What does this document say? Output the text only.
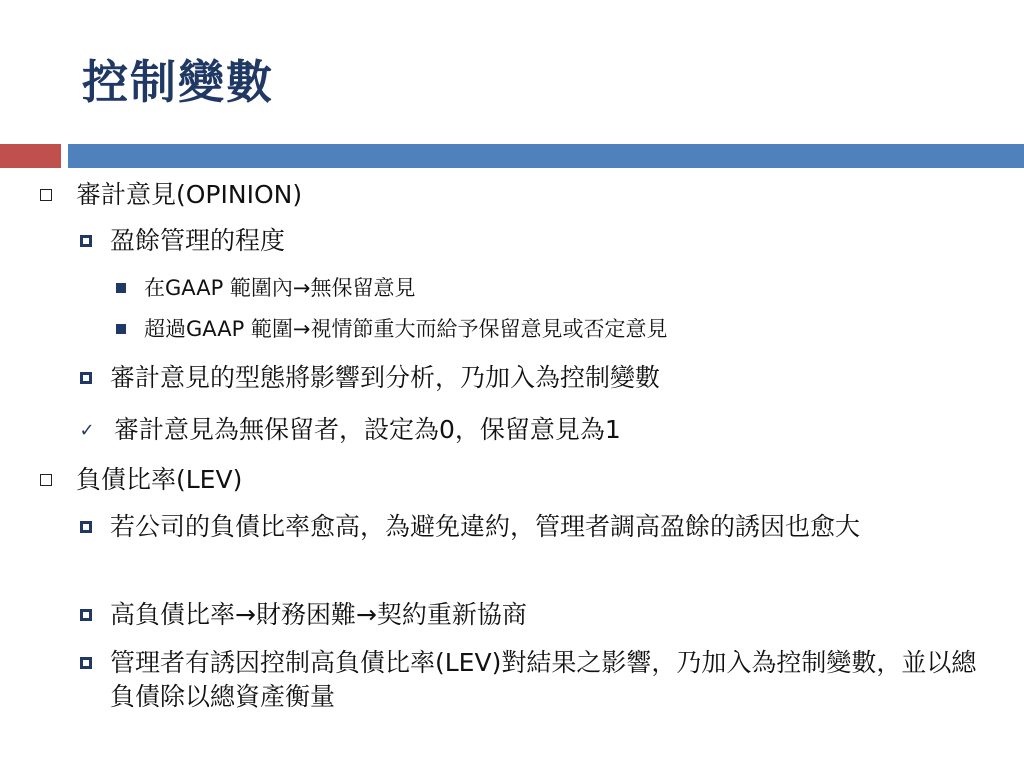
控制變數
審計意見(OPINION)
盈餘管理的程度
在GAAP 範圍內→無保留意見
超過GAAP 範圍→視情節重大而給予保留意見或否定意見
審計意見的型態將影響到分析，乃加入為控制變數
✓ 審計意見為無保留者，設定為0，保留意見為1
負債比率(LEV)
若公司的負債比率愈高，為避免違約，管理者調高盈餘的誘因也愈大
高負債比率→財務困難→契約重新協商
管理者有誘因控制高負債比率(LEV)對結果之影響，乃加入為控制變數，並以總負債除以總資產衡量
